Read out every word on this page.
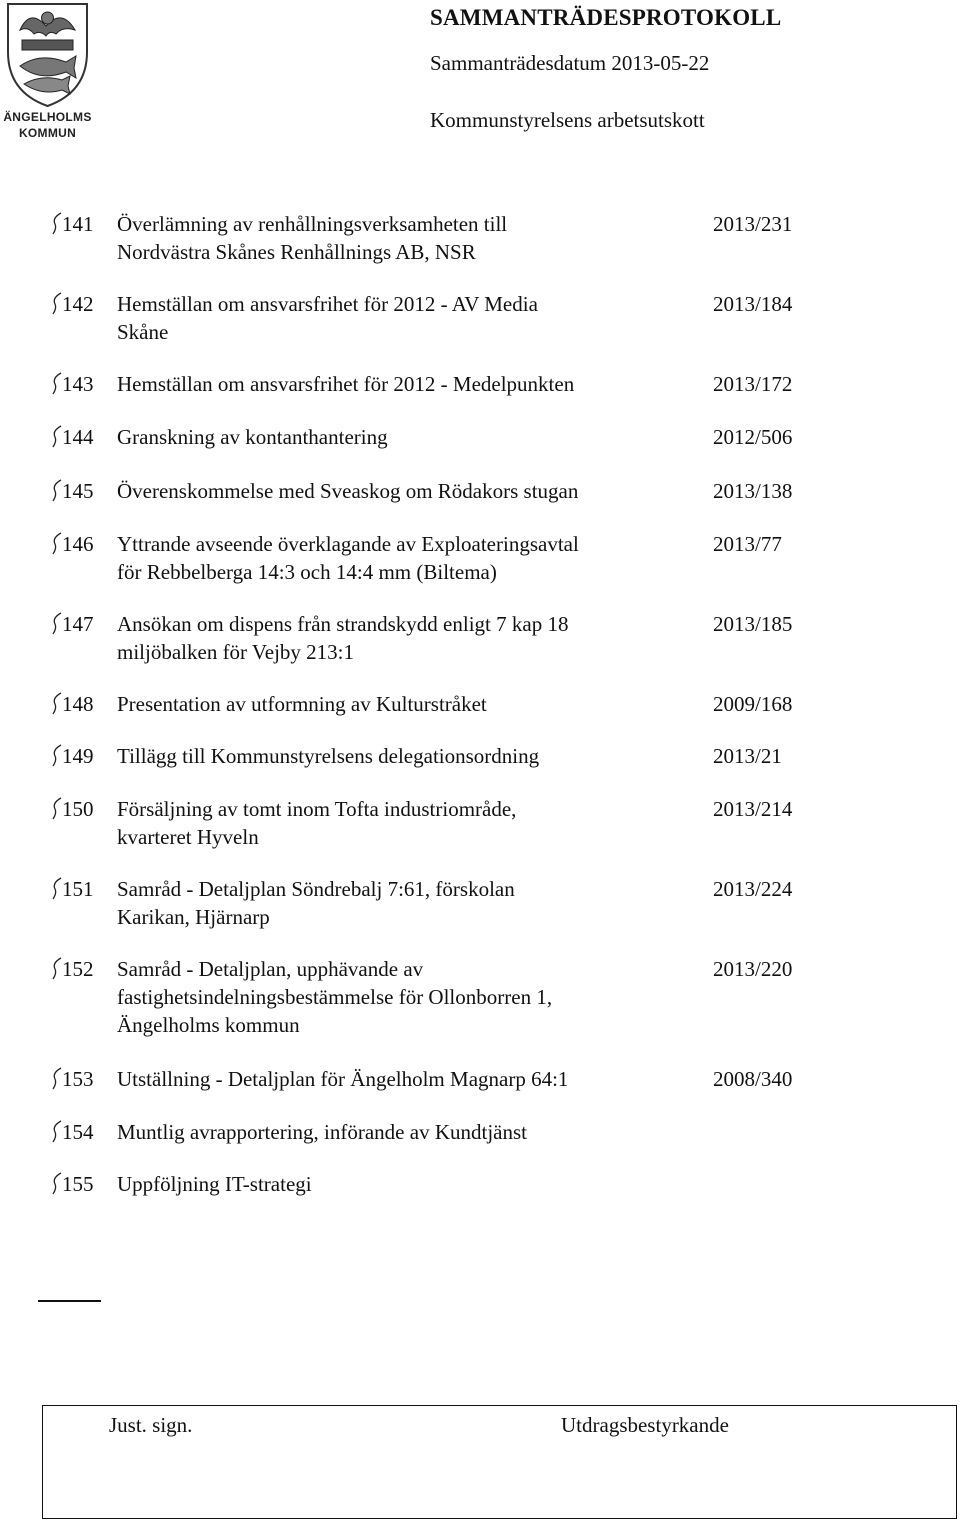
ÄNGELHOLMS
KOMMUN
SAMMANTRÄDESPROTOKOLL
Sammanträdesdatum 2013-05-22
Kommunstyrelsens arbetsutskott
141 Överlämning av renhållningsverksamheten till
Nordvästra Skånes Renhållnings AB, NSR
2013/231
142 Hemställan om ansvarsfrihet för 2012 - AV Media
Skåne
2013/184
143 Hemställan om ansvarsfrihet för 2012 - Medelpunkten	2013/172
144 Granskning av kontanthantering	2012/506
145 Överenskommelse med Sveaskog om Rödakors stugan	2013/138
146 Yttrande avseende överklagande av Exploateringsavtal
för Rebbelberga 14:3 och 14:4 mm (Biltema)
2013/77
147 Ansökan om dispens från strandskydd enligt 7 kap 18
miljöbalken för Vejby 213:1
2013/185
148 Presentation av utformning av Kulturstråket	2009/168
149 Tillägg till Kommunstyrelsens delegationsordning	2013/21
150 Försäljning av tomt inom Tofta industriområde,
kvarteret Hyveln
2013/214
151 Samråd - Detaljplan Söndrebalj 7:61, förskolan
Karikan, Hjärnarp
2013/224
152 Samråd - Detaljplan, upphävande av
fastighetsindelningsbestämmelse för Ollonborren 1,
Ängelholms kommun
2013/220
153 Utställning - Detaljplan för Ängelholm Magnarp 64:1	2008/340
154 Muntlig avrapportering, införande av Kundtjänst
155 Uppföljning IT-strategi
Just. sign.	Utdragsbestyrkande
